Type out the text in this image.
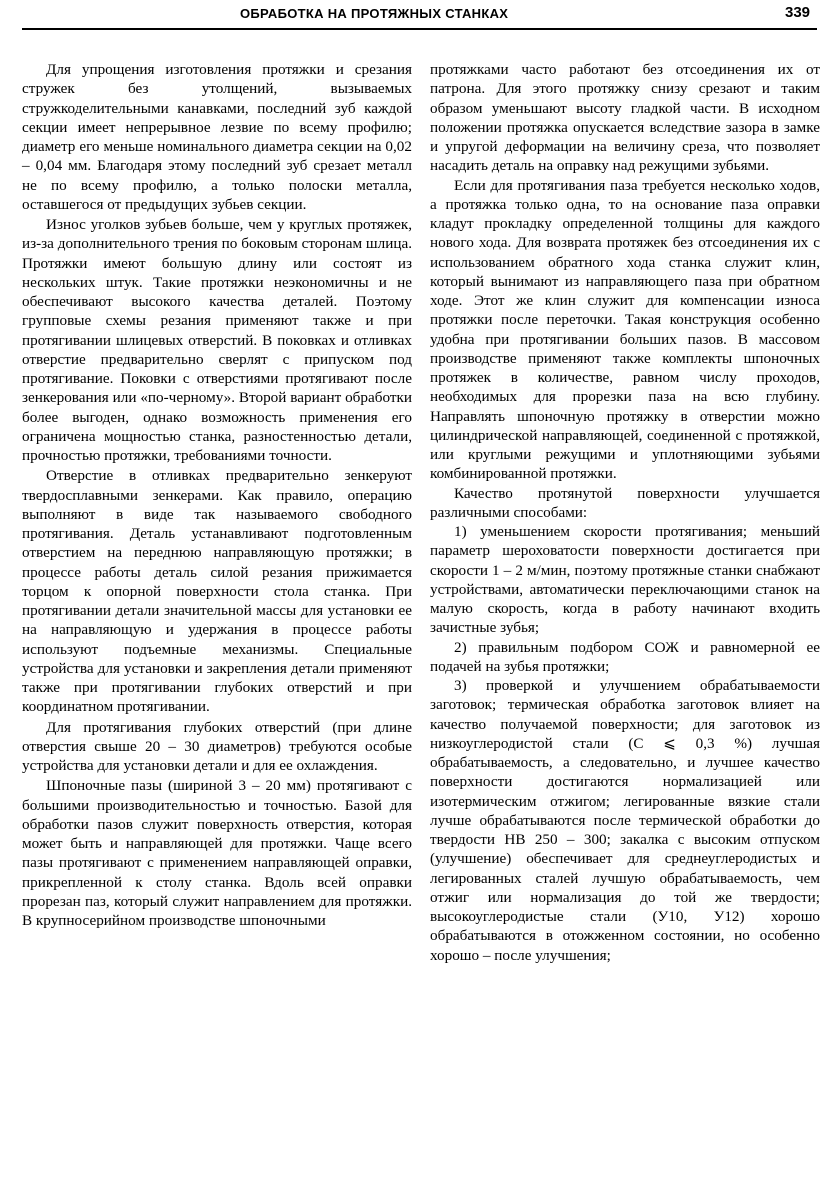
ОБРАБОТКА НА ПРОТЯЖНЫХ СТАНКАХ	339

Для упрощения изготовления протяжки и срезания стружек без утолщений, вызываемых стружкоделительными канавками, последний зуб каждой секции имеет непрерывное лезвие по всему профилю; диаметр его меньше номинального диаметра секции на 0,02 – 0,04 мм. Благодаря этому последний зуб срезает металл не по всему профилю, а только полоски металла, оставшегося от предыдущих зубьев секции.

Износ уголков зубьев больше, чем у круглых протяжек, из-за дополнительного трения по боковым сторонам шлица. Протяжки имеют большую длину или состоят из нескольких штук. Такие протяжки неэкономичны и не обеспечивают высокого качества деталей. Поэтому групповые схемы резания применяют также и при протягивании шлицевых отверстий. В поковках и отливках отверстие предварительно сверлят с припуском под протягивание. Поковки с отверстиями протягивают после зенкерования или «по-черному». Второй вариант обработки более выгоден, однако возможность применения его ограничена мощностью станка, разностенностью детали, прочностью протяжки, требованиями точности.

Отверстие в отливках предварительно зенкеруют твердосплавными зенкерами. Как правило, операцию выполняют в виде так называемого свободного протягивания. Деталь устанавливают подготовленным отверстием на переднюю направляющую протяжки; в процессе работы деталь силой резания прижимается торцом к опорной поверхности стола станка. При протягивании детали значительной массы для установки ее на направляющую и удержания в процессе работы используют подъемные механизмы. Специальные устройства для установки и закрепления детали применяют также при протягивании глубоких отверстий и при координатном протягивании.

Для протягивания глубоких отверстий (при длине отверстия свыше 20 – 30 диаметров) требуются особые устройства для установки детали и для ее охлаждения.

Шпоночные пазы (шириной 3 – 20 мм) протягивают с большими производительностью и точностью. Базой для обработки пазов служит поверхность отверстия, которая может быть и направляющей для протяжки. Чаще всего пазы протягивают с применением направляющей оправки, прикрепленной к столу станка. Вдоль всей оправки прорезан паз, который служит направлением для протяжки. В крупносерийном производстве шпоночными

протяжками часто работают без отсоединения их от патрона. Для этого протяжку снизу срезают и таким образом уменьшают высоту гладкой части. В исходном положении протяжка опускается вследствие зазора в замке и упругой деформации на величину среза, что позволяет насадить деталь на оправку над режущими зубьями.

Если для протягивания паза требуется несколько ходов, а протяжка только одна, то на основание паза оправки кладут прокладку определенной толщины для каждого нового хода. Для возврата протяжек без отсоединения их с использованием обратного хода станка служит клин, который вынимают из направляющего паза при обратном ходе. Этот же клин служит для компенсации износа протяжки после переточки. Такая конструкция особенно удобна при протягивании больших пазов. В массовом производстве применяют также комплекты шпоночных протяжек в количестве, равном числу проходов, необходимых для прорезки паза на всю глубину. Направлять шпоночную протяжку в отверстии можно цилиндрической направляющей, соединенной с протяжкой, или круглыми режущими и уплотняющими зубьями комбинированной протяжки.

Качество протянутой поверхности улучшается различными способами:

1) уменьшением скорости протягивания; меньший параметр шероховатости поверхности достигается при скорости 1 – 2 м/мин, поэтому протяжные станки снабжают устройствами, автоматически переключающими станок на малую скорость, когда в работу начинают входить зачистные зубья;

2) правильным подбором СОЖ и равномерной ее подачей на зубья протяжки;

3) проверкой и улучшением обрабатываемости заготовок; термическая обработка заготовок влияет на качество получаемой поверхности; для заготовок из низкоуглеродистой стали (C ⩽ 0,3 %) лучшая обрабатываемость, а следовательно, и лучшее качество поверхности достигаются нормализацией или изотермическим отжигом; легированные вязкие стали лучше обрабатываются после термической обработки до твердости HB 250 – 300; закалка с высоким отпуском (улучшение) обеспечивает для среднеуглеродистых и легированных сталей лучшую обрабатываемость, чем отжиг или нормализация до той же твердости; высокоуглеродистые стали (У10, У12) хорошо обрабатываются в отожженном состоянии, но особенно хорошо – после улучшения;
